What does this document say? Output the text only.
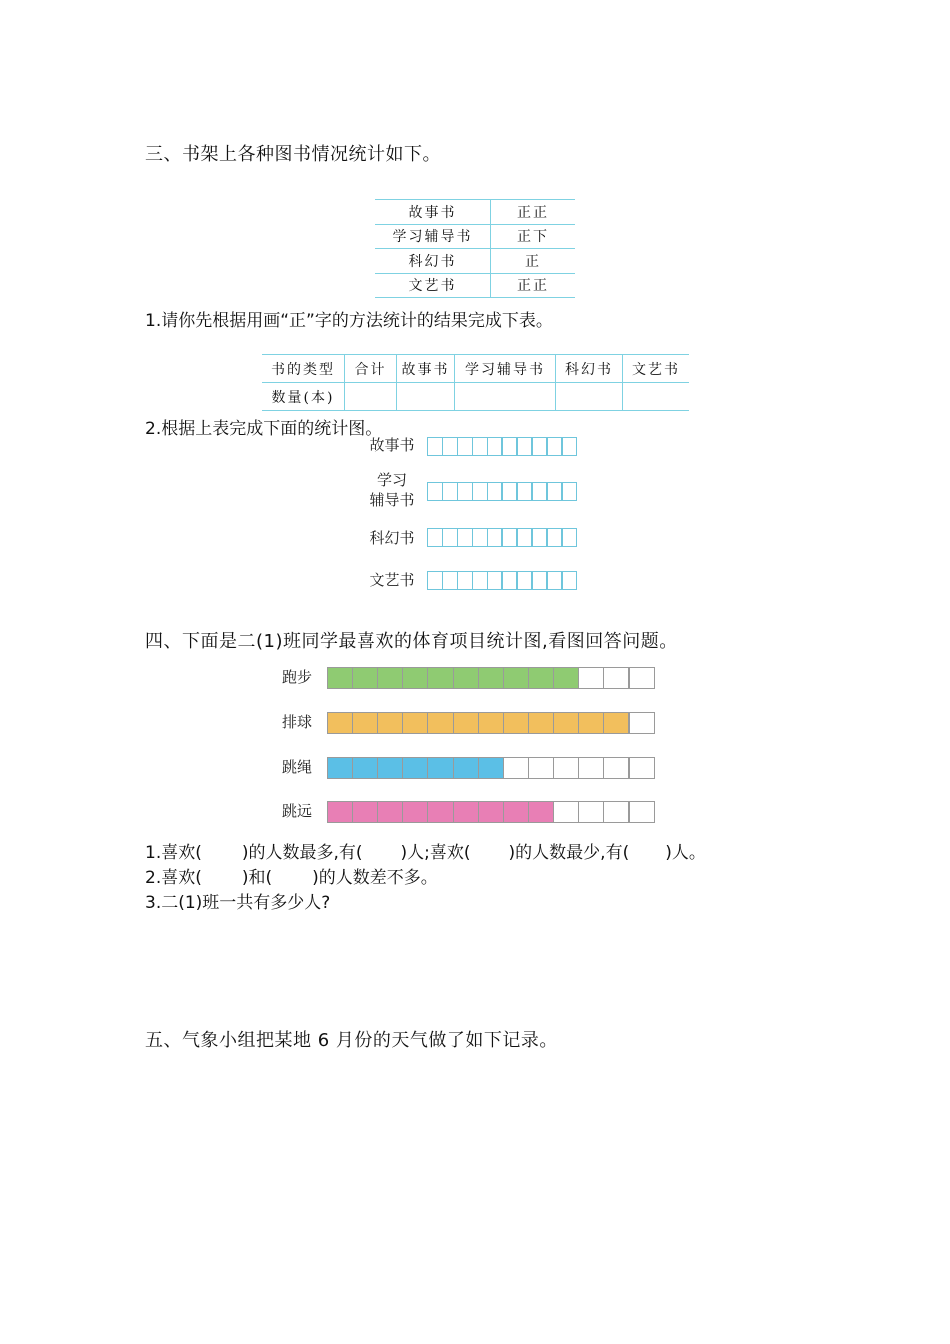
三、书架上各种图书情况统计如下。
故事书	正正
学习辅导书	正下
科幻书	正
文艺书	正正
1.请你先根据用画“正”字的方法统计的结果完成下表。
书的类型	合计	故事书	学习辅导书	科幻书	文艺书
数量(本)					
2.根据上表完成下面的统计图。
故事书
学习
辅导书
科幻书
文艺书
四、下面是二(1)班同学最喜欢的体育项目统计图,看图回答问题。
跑步
排球
跳绳
跳远
1.喜欢( )的人数最多,有( )人;喜欢( )的人数最少,有( )人。
2.喜欢( )和( )的人数差不多。
3.二(1)班一共有多少人?
五、气象小组把某地 6 月份的天气做了如下记录。
